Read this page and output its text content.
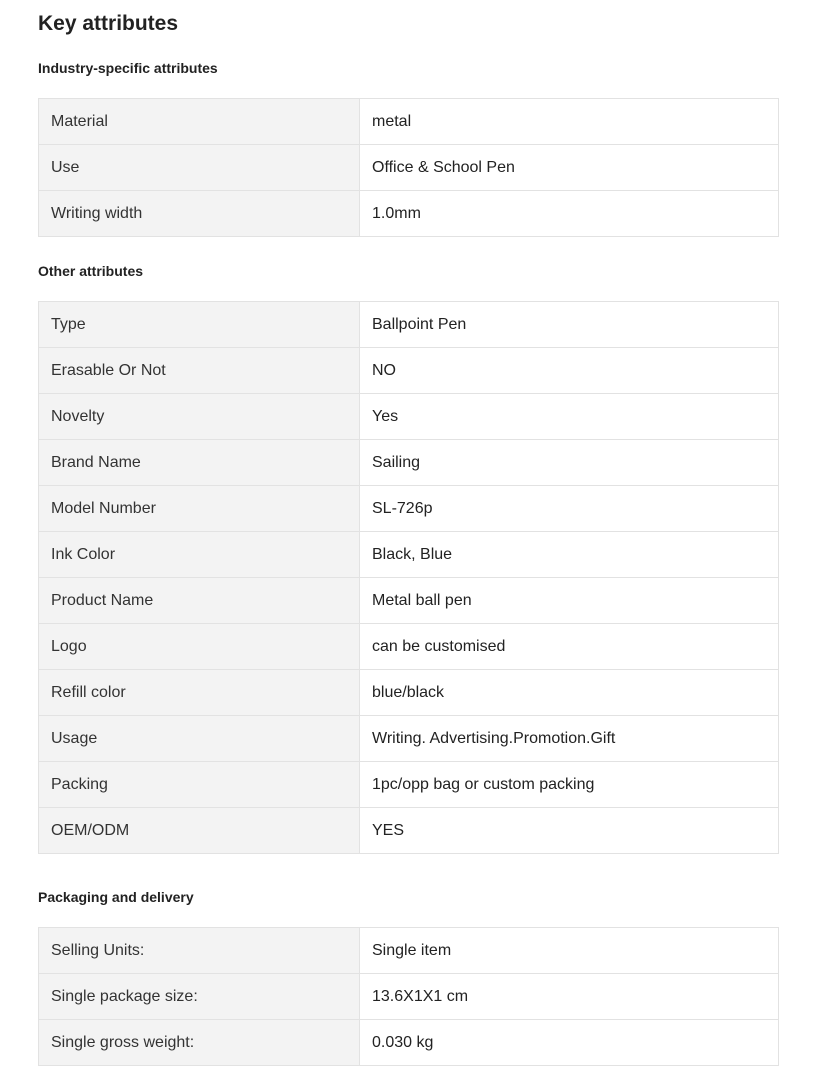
Key attributes
Industry-specific attributes
Material	metal
Use	Office & School Pen
Writing width	1.0mm
Other attributes
Type	Ballpoint Pen
Erasable Or Not	NO
Novelty	Yes
Brand Name	Sailing
Model Number	SL-726p
Ink Color	Black, Blue
Product Name	Metal ball pen
Logo	can be customised
Refill color	blue/black
Usage	Writing. Advertising.Promotion.Gift
Packing	1pc/opp bag or custom packing
OEM/ODM	YES
Packaging and delivery
Selling Units:	Single item
Single package size:	13.6X1X1 cm
Single gross weight:	0.030 kg
